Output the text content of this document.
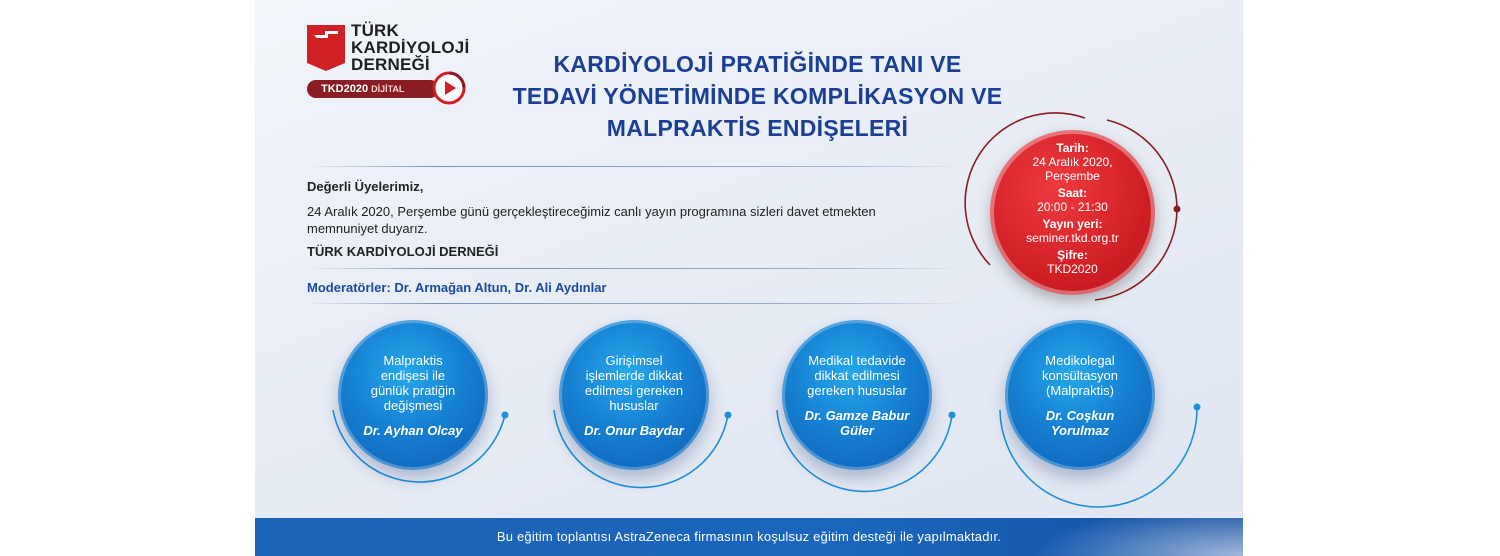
TÜRK
KARDİYOLOJİ
DERNEĞİ
TKD2020 DİJİTAL
KARDİYOLOJİ PRATİĞİNDE TANI VE
TEDAVİ YÖNETİMİNDE KOMPLİKASYON VE
MALPRAKTİS ENDİŞELERİ
Değerli Üyelerimiz,
24 Aralık 2020, Perşembe günü gerçekleştireceğimiz canlı yayın programına sizleri davet etmekten
memnuniyet duyarız.
TÜRK KARDİYOLOJİ DERNEĞİ
Moderatörler: Dr. Armağan Altun, Dr. Ali Aydınlar
Tarih:
24 Aralık 2020,
Perşembe
Saat:
20:00 - 21:30
Yayın yeri:
seminer.tkd.org.tr
Şifre:
TKD2020
Malpraktis
endişesi ile
günlük pratiğin
değişmesi
Dr. Ayhan Olcay
Girişimsel
işlemlerde dikkat
edilmesi gereken
hususlar
Dr. Onur Baydar
Medikal tedavide
dikkat edilmesi
gereken hususlar
Dr. Gamze Babur Güler
Medikolegal
konsültasyon
(Malpraktis)
Dr. Coşkun Yorulmaz
Bu eğitim toplantısı AstraZeneca firmasının koşulsuz eğitim desteği ile yapılmaktadır.
